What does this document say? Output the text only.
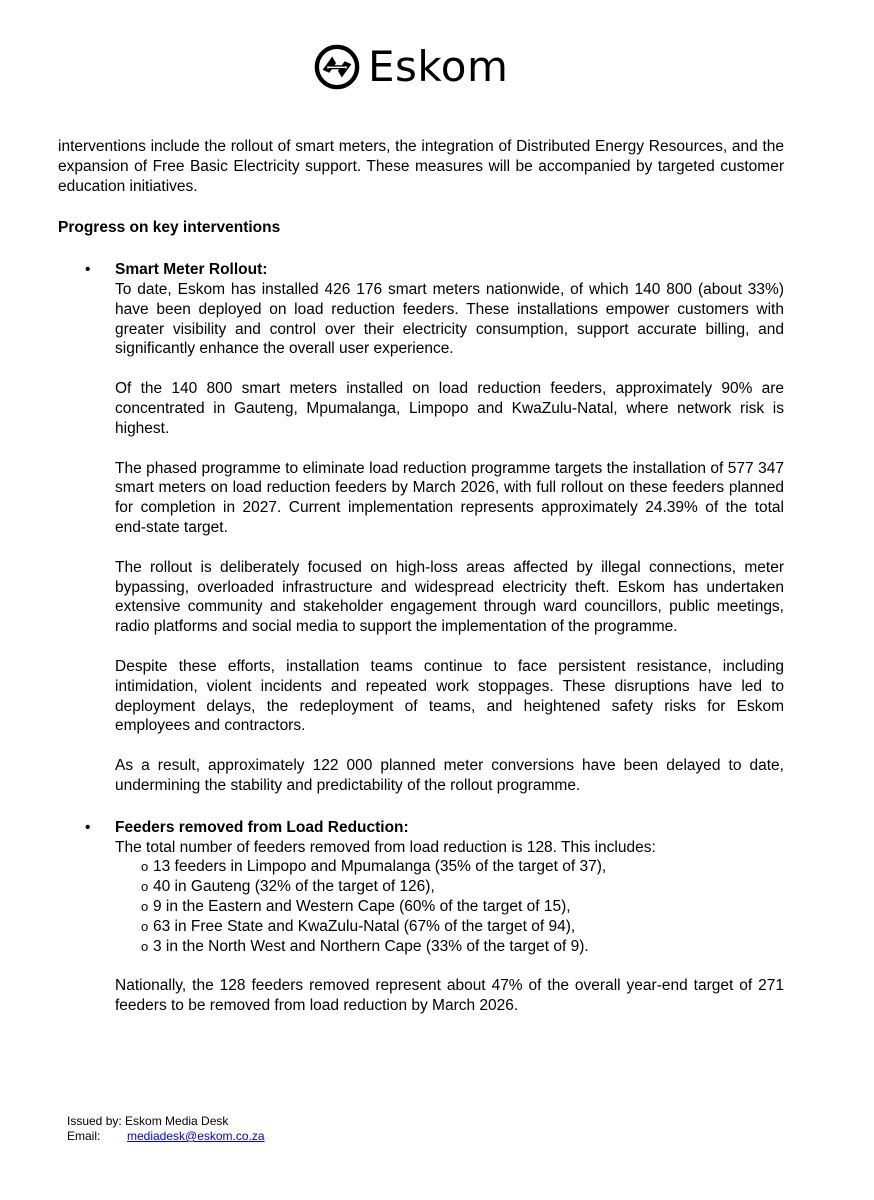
Eskom

interventions include the rollout of smart meters, the integration of Distributed Energy Resources, and the expansion of Free Basic Electricity support. These measures will be accompanied by targeted customer education initiatives.

Progress on key interventions

• Smart Meter Rollout:

To date, Eskom has installed 426 176 smart meters nationwide, of which 140 800 (about 33%) have been deployed on load reduction feeders. These installations empower customers with greater visibility and control over their electricity consumption, support accurate billing, and significantly enhance the overall user experience.

Of the 140 800 smart meters installed on load reduction feeders, approximately 90% are concentrated in Gauteng, Mpumalanga, Limpopo and KwaZulu-Natal, where network risk is highest.

The phased programme to eliminate load reduction programme targets the installation of 577 347 smart meters on load reduction feeders by March 2026, with full rollout on these feeders planned for completion in 2027. Current implementation represents approximately 24.39% of the total end-state target.

The rollout is deliberately focused on high-loss areas affected by illegal connections, meter bypassing, overloaded infrastructure and widespread electricity theft. Eskom has undertaken extensive community and stakeholder engagement through ward councillors, public meetings, radio platforms and social media to support the implementation of the programme.

Despite these efforts, installation teams continue to face persistent resistance, including intimidation, violent incidents and repeated work stoppages. These disruptions have led to deployment delays, the redeployment of teams, and heightened safety risks for Eskom employees and contractors.

As a result, approximately 122 000 planned meter conversions have been delayed to date, undermining the stability and predictability of the rollout programme.

• Feeders removed from Load Reduction:

The total number of feeders removed from load reduction is 128. This includes:

o 13 feeders in Limpopo and Mpumalanga (35% of the target of 37),
o 40 in Gauteng (32% of the target of 126),
o 9 in the Eastern and Western Cape (60% of the target of 15),
o 63 in Free State and KwaZulu-Natal (67% of the target of 94),
o 3 in the North West and Northern Cape (33% of the target of 9).

Nationally, the 128 feeders removed represent about 47% of the overall year-end target of 271 feeders to be removed from load reduction by March 2026.

Issued by: Eskom Media Desk
Email:	mediadesk@eskom.co.za
